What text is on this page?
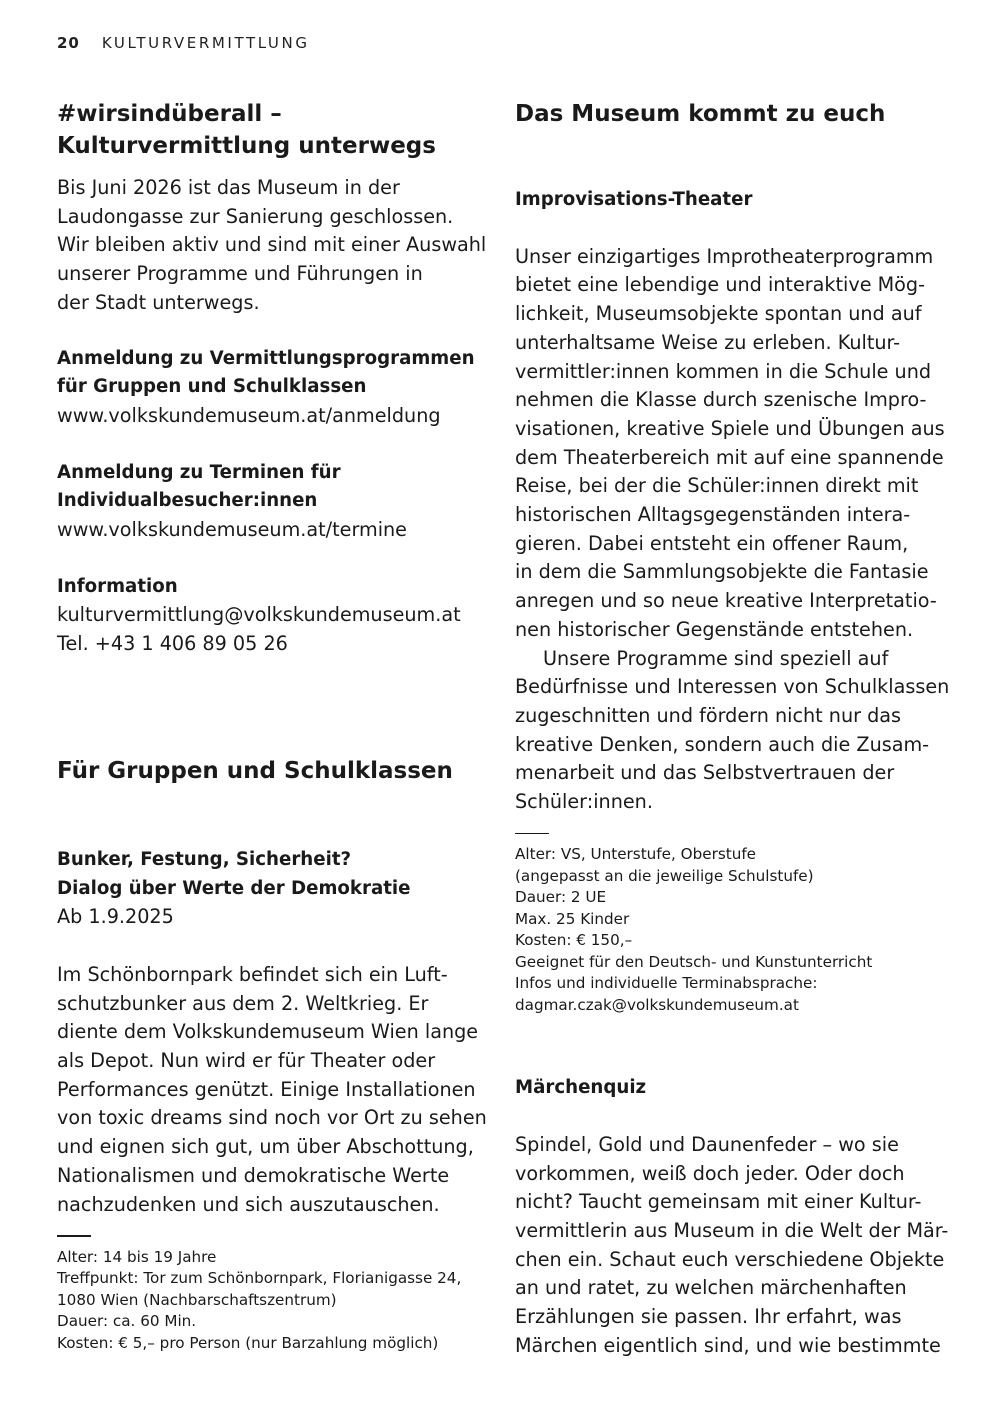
20 KULTURVERMITTLUNG
#wirsindüberall –
Kulturvermittlung unterwegs
Bis Juni 2026 ist das Museum in der
Laudongasse zur Sanierung geschlossen.
Wir bleiben aktiv und sind mit einer Auswahl
unserer Programme und Führungen in
der Stadt unterwegs.
Anmeldung zu Vermittlungsprogrammen
für Gruppen und Schulklassen
www.volkskundemuseum.at/anmeldung
Anmeldung zu Terminen für
Individualbesucher:innen
www.volkskundemuseum.at/termine
Information
kulturvermittlung@volkskundemuseum.at
Tel. +43 1 406 89 05 26
Für Gruppen und Schulklassen
Bunker, Festung, Sicherheit?
Dialog über Werte der Demokratie
Ab 1.9.2025
Im Schönbornpark befindet sich ein Luft-
schutzbunker aus dem 2. Weltkrieg. Er
diente dem Volkskundemuseum Wien lange
als Depot. Nun wird er für Theater oder
Performances genützt. Einige Installationen
von toxic dreams sind noch vor Ort zu sehen
und eignen sich gut, um über Abschottung,
Nationalismen und demokratische Werte
nachzudenken und sich auszutauschen.
Alter: 14 bis 19 Jahre
Treffpunkt: Tor zum Schönbornpark, Florianigasse 24,
1080 Wien (Nachbarschaftszentrum)
Dauer: ca. 60 Min.
Kosten: € 5,– pro Person (nur Barzahlung möglich)
Das Museum kommt zu euch
Improvisations-Theater
Unser einzigartiges Improtheaterprogramm
bietet eine lebendige und interaktive Mög-
lichkeit, Museumsobjekte spontan und auf
unterhaltsame Weise zu erleben. Kultur-
vermittler:innen kommen in die Schule und
nehmen die Klasse durch szenische Impro-
visationen, kreative Spiele und Übungen aus
dem Theaterbereich mit auf eine spannende
Reise, bei der die Schüler:innen direkt mit
historischen Alltagsgegenständen intera-
gieren. Dabei entsteht ein offener Raum,
in dem die Sammlungsobjekte die Fantasie
anregen und so neue kreative Interpretatio-
nen historischer Gegenstände entstehen.
Unsere Programme sind speziell auf
Bedürfnisse und Interessen von Schulklassen
zugeschnitten und fördern nicht nur das
kreative Denken, sondern auch die Zusam-
menarbeit und das Selbstvertrauen der
Schüler:innen.
Alter: VS, Unterstufe, Oberstufe
(angepasst an die jeweilige Schulstufe)
Dauer: 2 UE
Max. 25 Kinder
Kosten: € 150,–
Geeignet für den Deutsch- und Kunstunterricht
Infos und individuelle Terminabsprache:
dagmar.czak@volkskundemuseum.at
Märchenquiz
Spindel, Gold und Daunenfeder – wo sie
vorkommen, weiß doch jeder. Oder doch
nicht? Taucht gemeinsam mit einer Kultur-
vermittlerin aus Museum in die Welt der Mär-
chen ein. Schaut euch verschiedene Objekte
an und ratet, zu welchen märchenhaften
Erzählungen sie passen. Ihr erfahrt, was
Märchen eigentlich sind, und wie bestimmte
